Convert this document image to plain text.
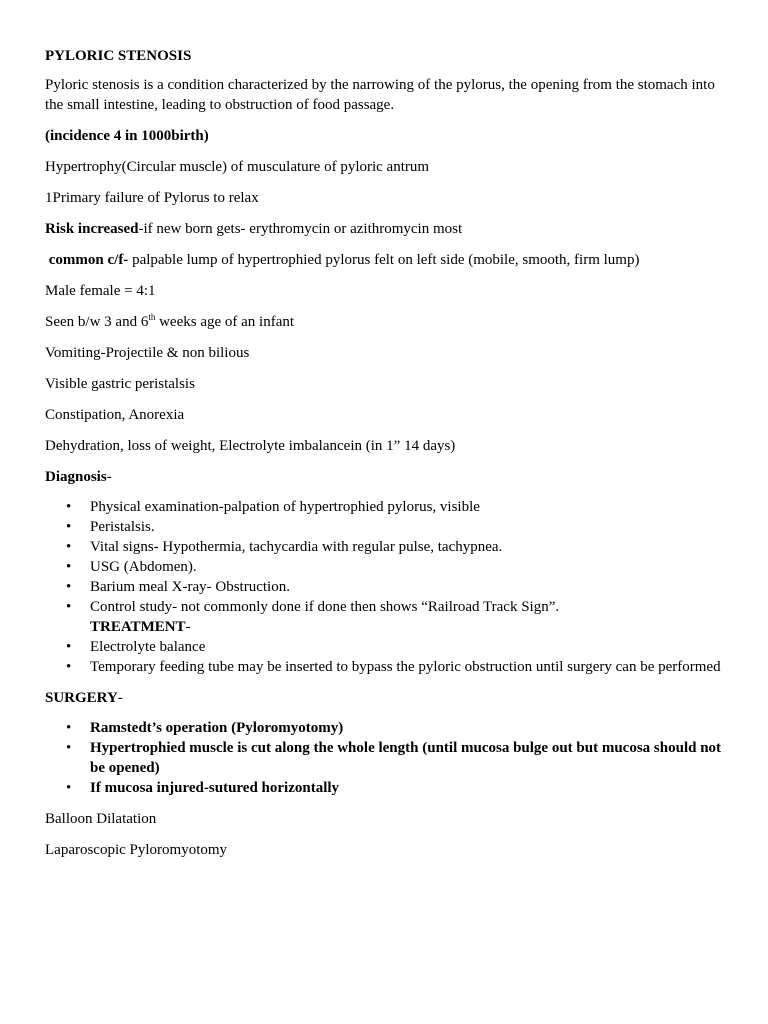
PYLORIC STENOSIS

Pyloric stenosis is a condition characterized by the narrowing of the pylorus, the opening from the stomach into the small intestine, leading to obstruction of food passage.

(incidence 4 in 1000birth)

Hypertrophy(Circular muscle) of musculature of pyloric antrum

1Primary failure of Pylorus to relax

Risk increased-if new born gets- erythromycin or azithromycin most

common c/f- palpable lump of hypertrophied pylorus felt on left side (mobile, smooth, firm lump)

Male female = 4:1

Seen b/w 3 and 6th weeks age of an infant

Vomiting-Projectile & non bilious

Visible gastric peristalsis

Constipation, Anorexia

Dehydration, loss of weight, Electrolyte imbalancein (in 1” 14 days)

Diagnosis-

• Physical examination-palpation of hypertrophied pylorus, visible
• Peristalsis.
• Vital signs- Hypothermia, tachycardia with regular pulse, tachypnea.
• USG (Abdomen).
• Barium meal X-ray- Obstruction.
• Control study- not commonly done if done then shows “Railroad Track Sign”.
TREATMENT-
• Electrolyte balance
• Temporary feeding tube may be inserted to bypass the pyloric obstruction until surgery can be performed

SURGERY-

• Ramstedt’s operation (Pyloromyotomy)
• Hypertrophied muscle is cut along the whole length (until mucosa bulge out but mucosa should not be opened)
• If mucosa injured-sutured horizontally

Balloon Dilatation

Laparoscopic Pyloromyotomy
